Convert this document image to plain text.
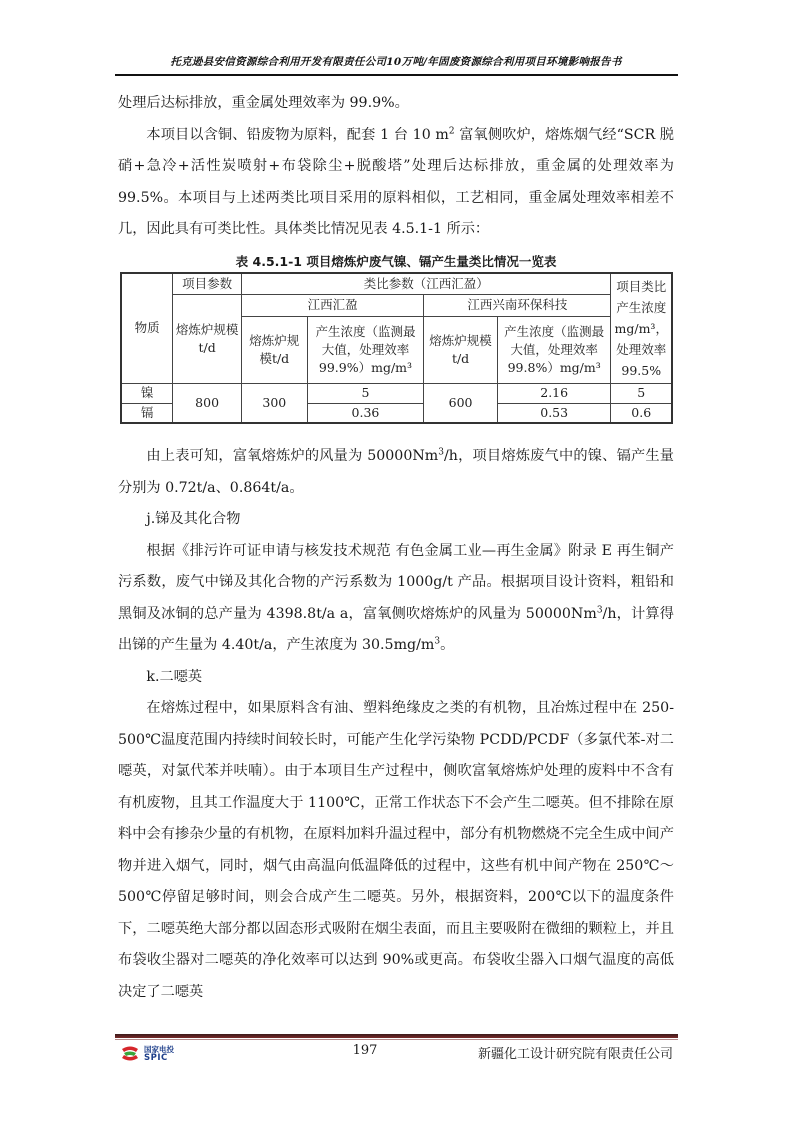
托克逊县安信资源综合利用开发有限责任公司10万吨/年固废资源综合利用项目环境影响报告书

处理后达标排放，重金属处理效率为 99.9%。

本项目以含铜、铅废物为原料，配套 1 台 10 $m^2$ 富氧侧吹炉，熔炼烟气经“SCR 脱硝+急冷+活性炭喷射+布袋除尘+脱酸塔”处理后达标排放，重金属的处理效率为 99.5%。本项目与上述两类比项目采用的原料相似，工艺相同，重金属处理效率相差不几，因此具有可类比性。具体类比情况见表 4.5.1-1 所示：

表 4.5.1-1 项目熔炼炉废气镍、镉产生量类比情况一览表
物质	项目参数	类比参数（江西汇盈）				项目类比产生浓度mg/m³，处理效率99.5%
	熔炼炉规模t/d	江西汇盈		江西兴南环保科技		
		熔炼炉规模t/d	产生浓度（监测最大值，处理效率99.9%）mg/m³	熔炼炉规模t/d	产生浓度（监测最大值，处理效率99.8%）mg/m³	
镍	800	300	5	600	2.16	5
镉			0.36		0.53	0.6

由上表可知，富氧熔炼炉的风量为 50000Nm$^3$/h，项目熔炼废气中的镍、镉产生量分别为 0.72t/a、0.864t/a。

j.锑及其化合物

根据《排污许可证申请与核发技术规范 有色金属工业—再生金属》附录 E 再生铜产污系数，废气中锑及其化合物的产污系数为 1000g/t 产品。根据项目设计资料，粗铅和黑铜及冰铜的总产量为 4398.8t/a a，富氧侧吹熔炼炉的风量为 50000Nm$^3$/h，计算得出锑的产生量为 4.40t/a，产生浓度为 $30.5mg/m^3$。

k.二噁英

在熔炼过程中，如果原料含有油、塑料绝缘皮之类的有机物，且冶炼过程中在 250-500℃温度范围内持续时间较长时，可能产生化学污染物 PCDD/PCDF（多氯代苯-对二噁英，对氯代苯并呋喃）。由于本项目生产过程中，侧吹富氧熔炼炉处理的废料中不含有有机废物，且其工作温度大于 1100℃，正常工作状态下不会产生二噁英。但不排除在原料中会有掺杂少量的有机物，在原料加料升温过程中，部分有机物燃烧不完全生成中间产物并进入烟气，同时，烟气由高温向低温降低的过程中，这些有机中间产物在 250℃～500℃停留足够时间，则会合成产生二噁英。另外，根据资料，200℃以下的温度条件下，二噁英绝大部分都以固态形式吸附在烟尘表面，而且主要吸附在微细的颗粒上，并且布袋收尘器对二噁英的净化效率可以达到 90%或更高。布袋收尘器入口烟气温度的高低决定了二噁英

国家电投
SPIC	197	新疆化工设计研究院有限责任公司
